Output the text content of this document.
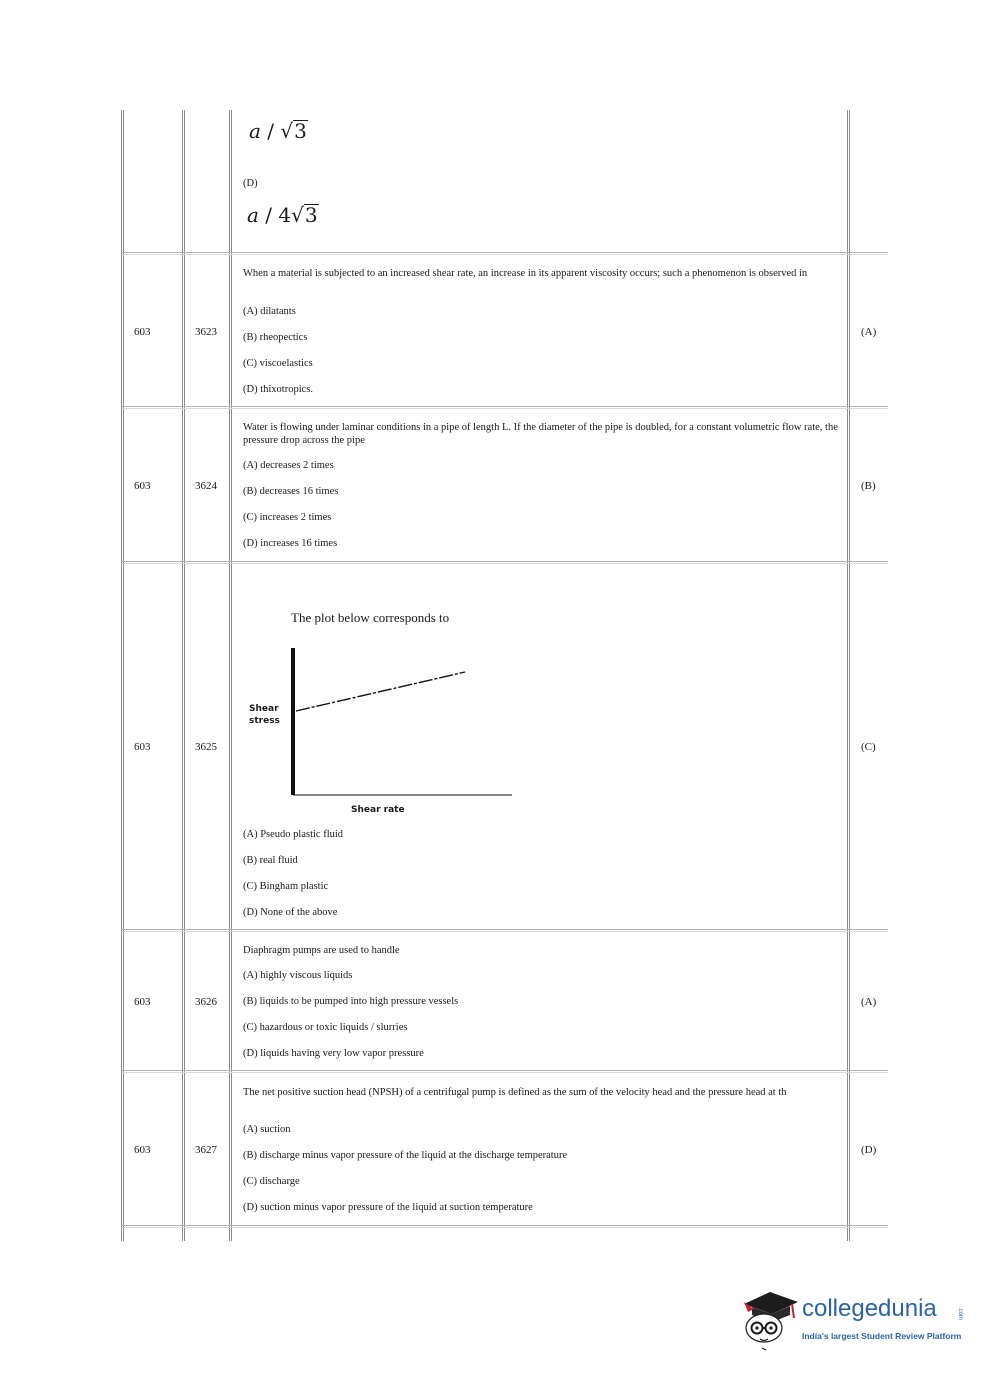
a / √3
(D)
a / 4√3
603	3623
When a material is subjected to an increased shear rate, an increase in its apparent viscosity occurs; such a phenomenon is observed in
(A) dilatants
(B) rheopectics
(C) viscoelastics
(D) thixotropics.
(A)
603	3624
Water is flowing under laminar conditions in a pipe of length L. If the diameter of the pipe is doubled, for a constant volumetric flow rate, the pressure drop across the pipe
(A) decreases 2 times
(B) decreases 16 times
(C) increases 2 times
(D) increases 16 times
(B)
603	3625
The plot below corresponds to
Shear
stress
Shear rate
(A) Pseudo plastic fluid
(B) real fluid
(C) Bingham plastic
(D) None of the above
(C)
603	3626
Diaphragm pumps are used to handle
(A) highly viscous liquids
(B) liquids to be pumped into high pressure vessels
(C) hazardous or toxic liquids / slurries
(D) liquids having very low vapor pressure
(A)
603	3627
The net positive suction head (NPSH) of a centrifugal pump is defined as the sum of the velocity head and the pressure head at th
(A) suction
(B) discharge minus vapor pressure of the liquid at the discharge temperature
(C) discharge
(D) suction minus vapor pressure of the liquid at suction temperature
(D)
collegedunia	.com
India's largest Student Review Platform
